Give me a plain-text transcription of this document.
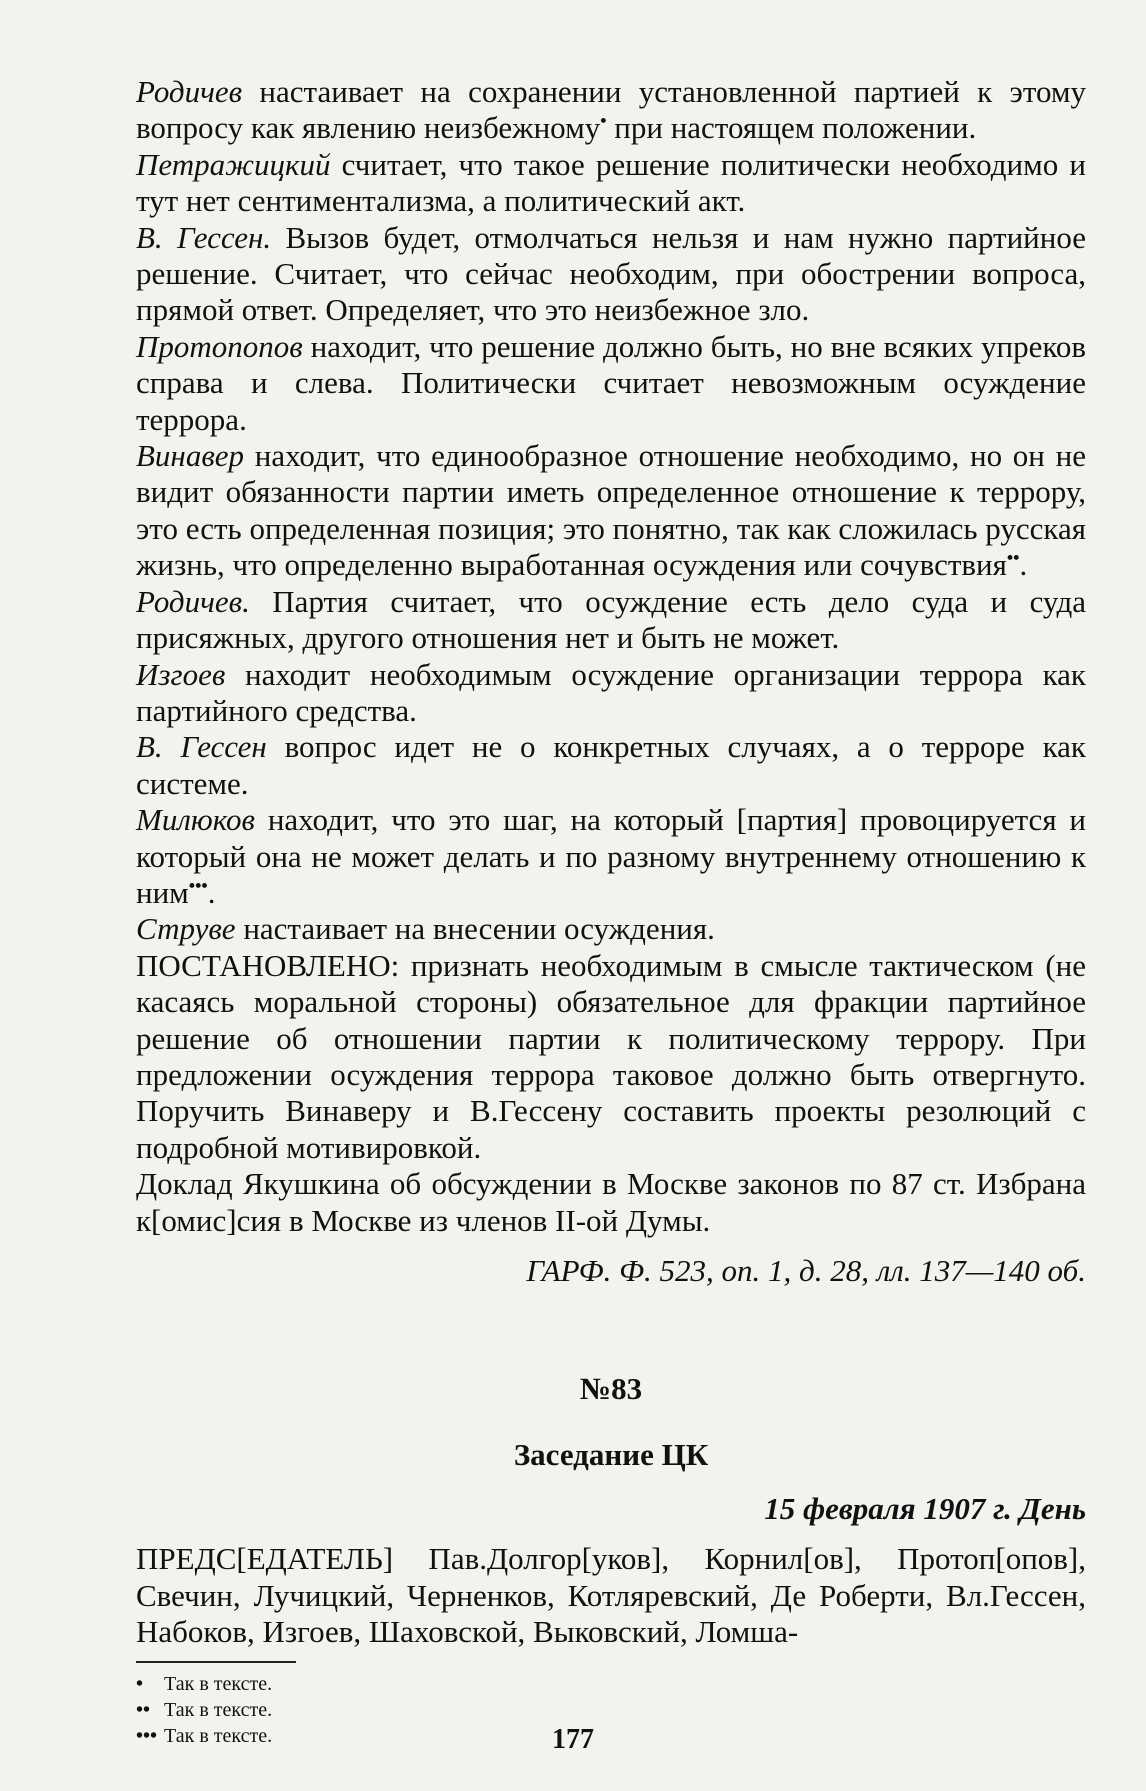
Родичев настаивает на сохранении установленной партией к этому вопросу как явлению неизбежному• при настоящем положении.

Петражицкий считает, что такое решение политически необходимо и тут нет сентиментализма, а политический акт.

В. Гессен. Вызов будет, отмолчаться нельзя и нам нужно партийное решение. Считает, что сейчас необходим, при обострении вопроса, прямой ответ. Определяет, что это неизбежное зло.

Протопопов находит, что решение должно быть, но вне всяких упреков справа и слева. Политически считает невозможным осуждение террора.

Винавер находит, что единообразное отношение необходимо, но он не видит обязанности партии иметь определенное отношение к террору, это есть определенная позиция; это понятно, так как сложилась русская жизнь, что определенно выработанная осуждения или сочувствия••.

Родичев. Партия считает, что осуждение есть дело суда и суда присяжных, другого отношения нет и быть не может.

Изгоев находит необходимым осуждение организации террора как партийного средства.

В. Гессен вопрос идет не о конкретных случаях, а о терроре как системе.

Милюков находит, что это шаг, на который [партия] провоцируется и который она не может делать и по разному внутреннему отношению к ним•••.

Струве настаивает на внесении осуждения.

ПОСТАНОВЛЕНО: признать необходимым в смысле тактическом (не касаясь моральной стороны) обязательное для фракции партийное решение об отношении партии к политическому террору. При предложении осуждения террора таковое должно быть отвергнуто. Поручить Винаверу и В.Гессену составить проекты резолюций с подробной мотивировкой.

Доклад Якушкина об обсуждении в Москве законов по 87 ст. Избрана к[омис]сия в Москве из членов II-ой Думы.

ГАРФ. Ф. 523, оп. 1, д. 28, лл. 137—140 об.

№83

Заседание ЦК

15 февраля 1907 г. День

ПРЕДС[ЕДАТЕЛЬ] Пав.Долгор[уков], Корнил[ов], Протоп[опов], Свечин, Лучицкий, Черненков, Котляревский, Де Роберти, Вл.Гессен, Набоков, Изгоев, Шаховской, Выковский, Ломша-

• Так в тексте.

•• Так в тексте.

••• Так в тексте.	177
